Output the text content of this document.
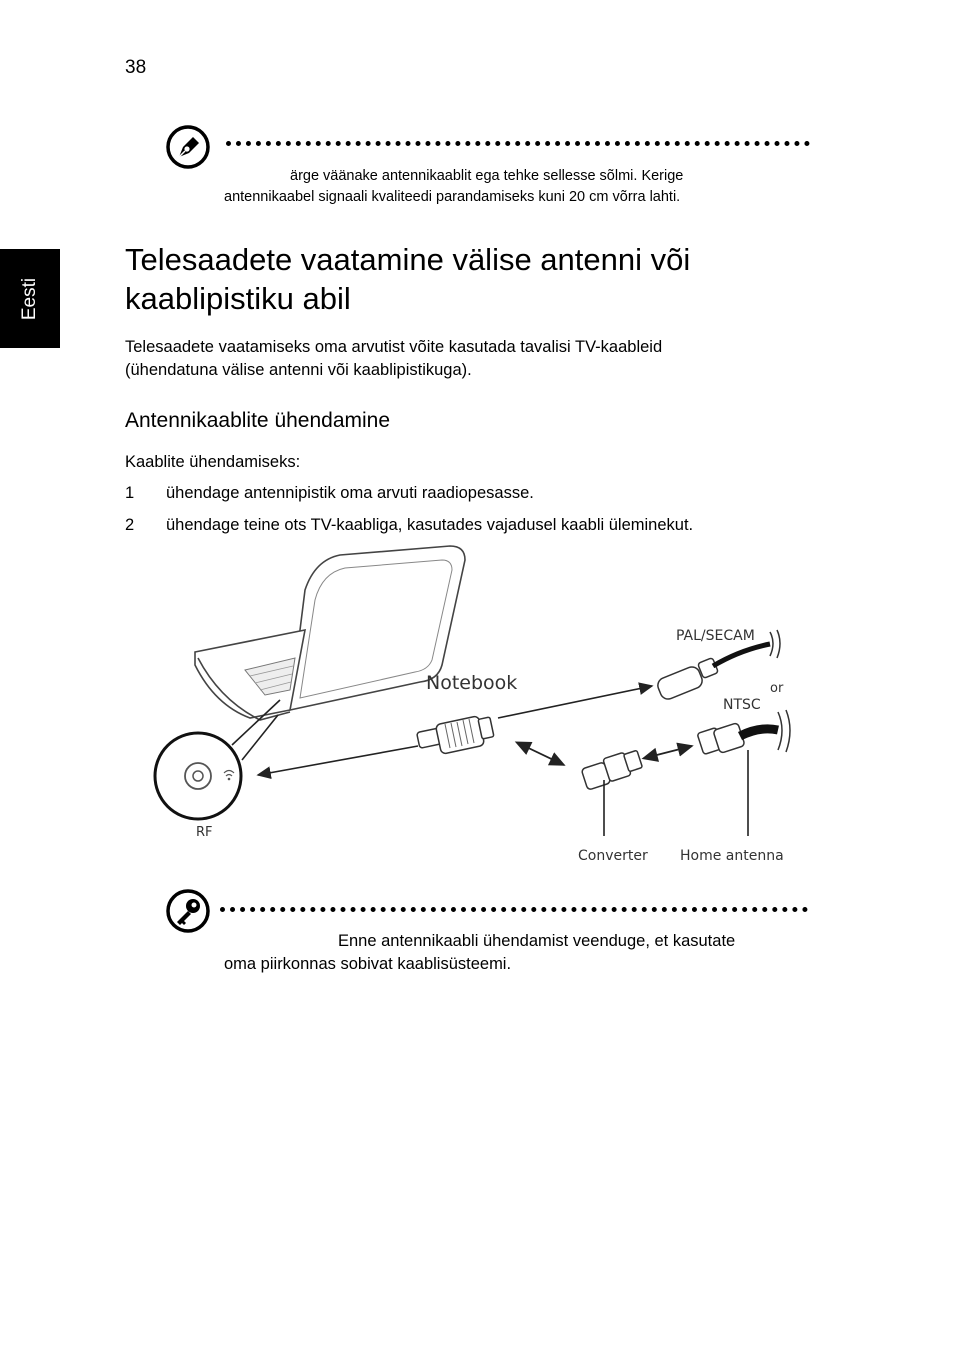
38
Eesti
ärge väänake antennikaablit ega tehke sellesse sõlmi. Kerige
antennikaabel signaali kvaliteedi parandamiseks kuni 20 cm võrra lahti.
Telesaadete vaatamine välise antenni või
kaablipistiku abil
Telesaadete vaatamiseks oma arvutist võite kasutada tavalisi TV-kaableid
(ühendatuna välise antenni või kaablipistikuga).
Antennikaablite ühendamine
Kaablite ühendamiseks:
1 ühendage antennipistik oma arvuti raadiopesasse.
2 ühendage teine ots TV-kaabliga, kasutades vajadusel kaabli üleminekut.
Notebook
PAL/SECAM
or
NTSC
RF
Converter Home antenna
Enne antennikaabli ühendamist veenduge, et kasutate
oma piirkonnas sobivat kaablisüsteemi.
